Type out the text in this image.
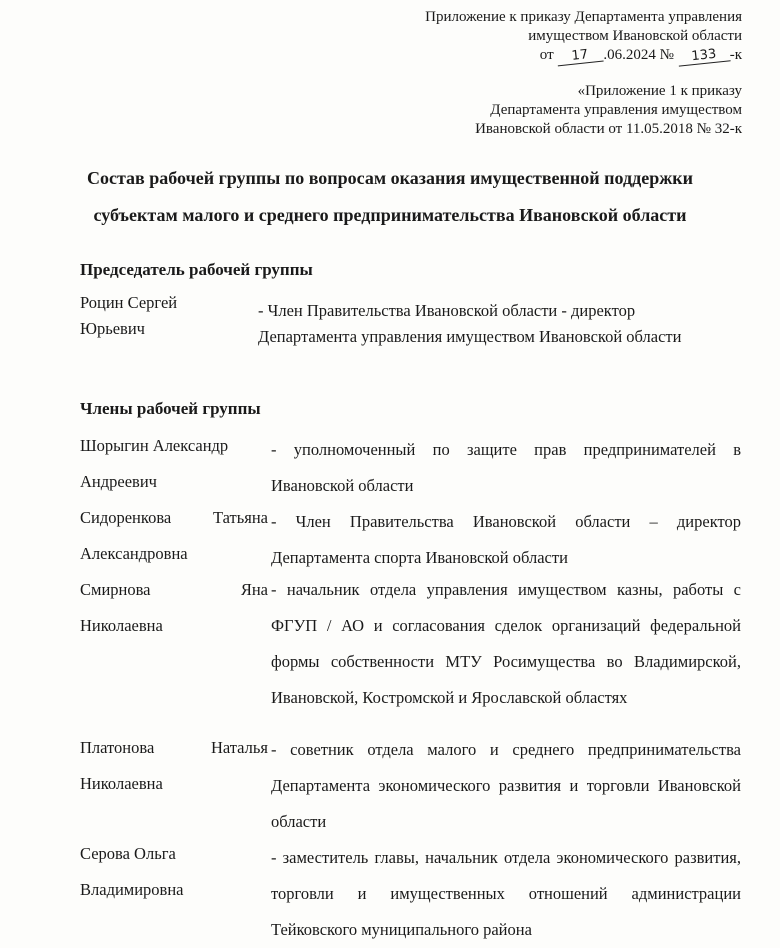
Приложение к приказу Департамента управления
имуществом Ивановской области
от 17 .06.2024 № 133 -к
«Приложение 1 к приказу
Департамента управления имуществом
Ивановской области от 11.05.2018 № 32-к
Состав рабочей группы по вопросам оказания имущественной поддержки
субъектам малого и среднего предпринимательства Ивановской области
Председатель рабочей группы
Роцин Сергей Юрьевич
- Член Правительства Ивановской области - директор Департамента управления имуществом Ивановской области
Члены рабочей группы
Шорыгин Александр Андреевич
- уполномоченный по защите прав предпринимателей в Ивановской области
Сидоренкова Татьяна Александровна
- Член Правительства Ивановской области – директор Департамента спорта Ивановской области
Смирнова Яна Николаевна
- начальник отдела управления имуществом казны, работы с ФГУП / АО и согласования сделок организаций федеральной формы собственности МТУ Росимущества во Владимирской, Ивановской, Костромской и Ярославской областях
Платонова Наталья Николаевна
- советник отдела малого и среднего предпринимательства Департамента экономического развития и торговли Ивановской области
Серова Ольга Владимировна
- заместитель главы, начальник отдела экономического развития, торговли и имущественных отношений администрации Тейковского муниципального района
